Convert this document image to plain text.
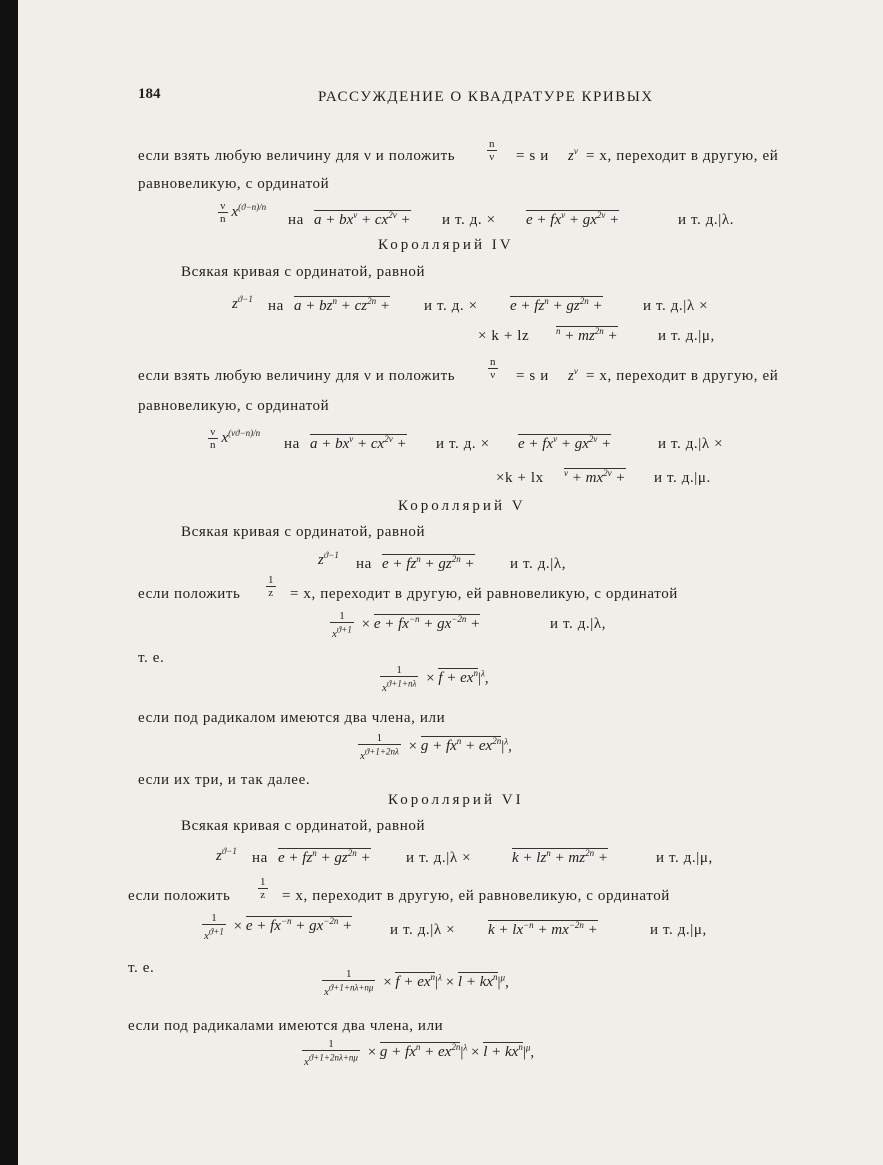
184	РАССУЖДЕНИЕ О КВАДРАТУРЕ КРИВЫХ
если взять любую величину для ν и положить	$\frac{n}{\nu} = s$ и $z^\nu = x$, переходит в другую, ей
равновеликую, с ординатой
$\frac{\nu}{n} x^{(ϑ-n)/n}$
на $a + bx^\nu + cx^{2\nu} + и$ т. д. × $e + fx^\nu + gx^{2\nu}$ +	и т. д.|λ.
Короллярий IV
Всякая кривая с ординатой, равной
$z^{ϑ-1}$ на $a + bz^n + cz^{2n} + и$ т. д. × $e + fz^n + gz^{2n}$ +	и т. д.|λ ×
× k + lz	$^n + mz^{2n}$ +	и т. д.|μ,
если взять любую величину для ν и положить	$\frac{n}{\nu} = s$ и $z^\nu = x$, переходит в другую, ей
равновеликую, с ординатой
$\frac{\nu}{n} x^{(\nu ϑ-n)/n}$
на $a + bx^\nu + cx^{2\nu} + и$ т. д. × $e + fx^\nu + gx^{2\nu}$ +	и т. д.|λ ×
×k + lx $^\nu + mx^{2\nu} + и$ т. д.|μ.
Короллярий V
Всякая кривая с ординатой, равной
$z^{ϑ-1}$
на $e + fz^n + gz^{2n} + и$ т. д.|λ,
если положить $\frac{1}{z} = x$, переходит в другую, ей равновеликую, с ординатой
$\frac{1}{x^{ϑ+1}} \times e + fx^{-n} + gx^{-2n}$ +	и т. д.|λ,
т. е.
$\frac{1}{x^{ϑ+1+n\lambda}} \times f + ex^n|^\lambda$,
если под радикалом имеются два члена, или
$\frac{1}{x^{ϑ+1+2n\lambda}} \times g + fx^n + ex^{2n}|^\lambda$,
если их три, и так далее.
Короллярий VI
Всякая кривая с ординатой, равной
$z^{ϑ-1}$ на $e + fz^n + gz^{2n} + и$ т. д.|λ ×	$k + lz^n + mz^{2n}$ +	и т. д.|μ,
если положить	$\frac{1}{z} = x$, переходит в другую, ей равновеликую, с ординатой
$\frac{1}{x^{ϑ+1}} \times e + fx^{-n} + gx^{-2n}$ +	и т. $д.|\lambda \times k + lx^{-n} + mx^{-2n}$ +	и т. д.|μ,
т. е.	$\frac{1}{x^{ϑ+1+n\lambda+n\mu}} \times f + ex^n|^\lambda \times l + kx^n|^\mu$,
если под радикалами имеются два члена, или
$\frac{1}{x^{ϑ+1+2n\lambda+n\mu}} \times g + fx^n + ex^{2n}|^\lambda \times l + kx^n|^\mu$,
